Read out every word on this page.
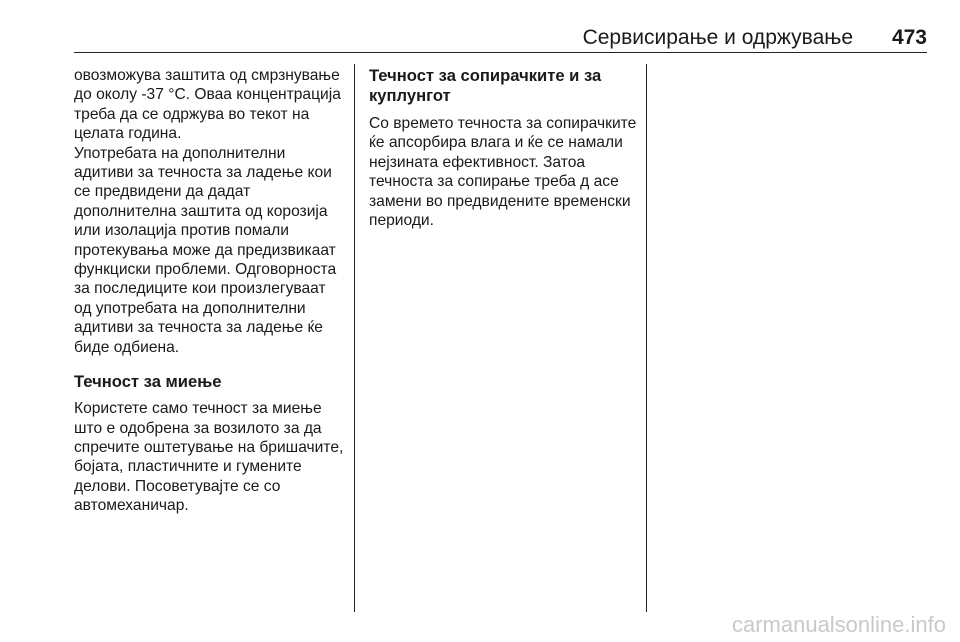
Сервисирање и одржување 473

овозможува заштита од смрзнување до околу -37 °C. Оваа концентрација треба да се одржува во текот на целата година.

Употребата на дополнителни адитиви за течноста за ладење кои се предвидени да дадат дополнителна заштита од корозија или изолација против помали протекувања може да предизвикаат функциски проблеми. Одговорноста за последиците кои произлегуваат од употребата на дополнителни адитиви за течноста за ладење ќе биде одбиена.

Течност за миење

Користете само течност за миење што е одобрена за возилото за да спречите оштетување на бришачите, бојата, пластичните и гумените делови. Посоветувајте се со автомеханичар.

Течност за сопирачките и за куплунгот

Со времето течноста за сопирачките ќе апсорбира влага и ќе се намали нејзината ефективност. Затоа течноста за сопирање треба д асе замени во предвидените временски периоди.

carmanualsonline.info
